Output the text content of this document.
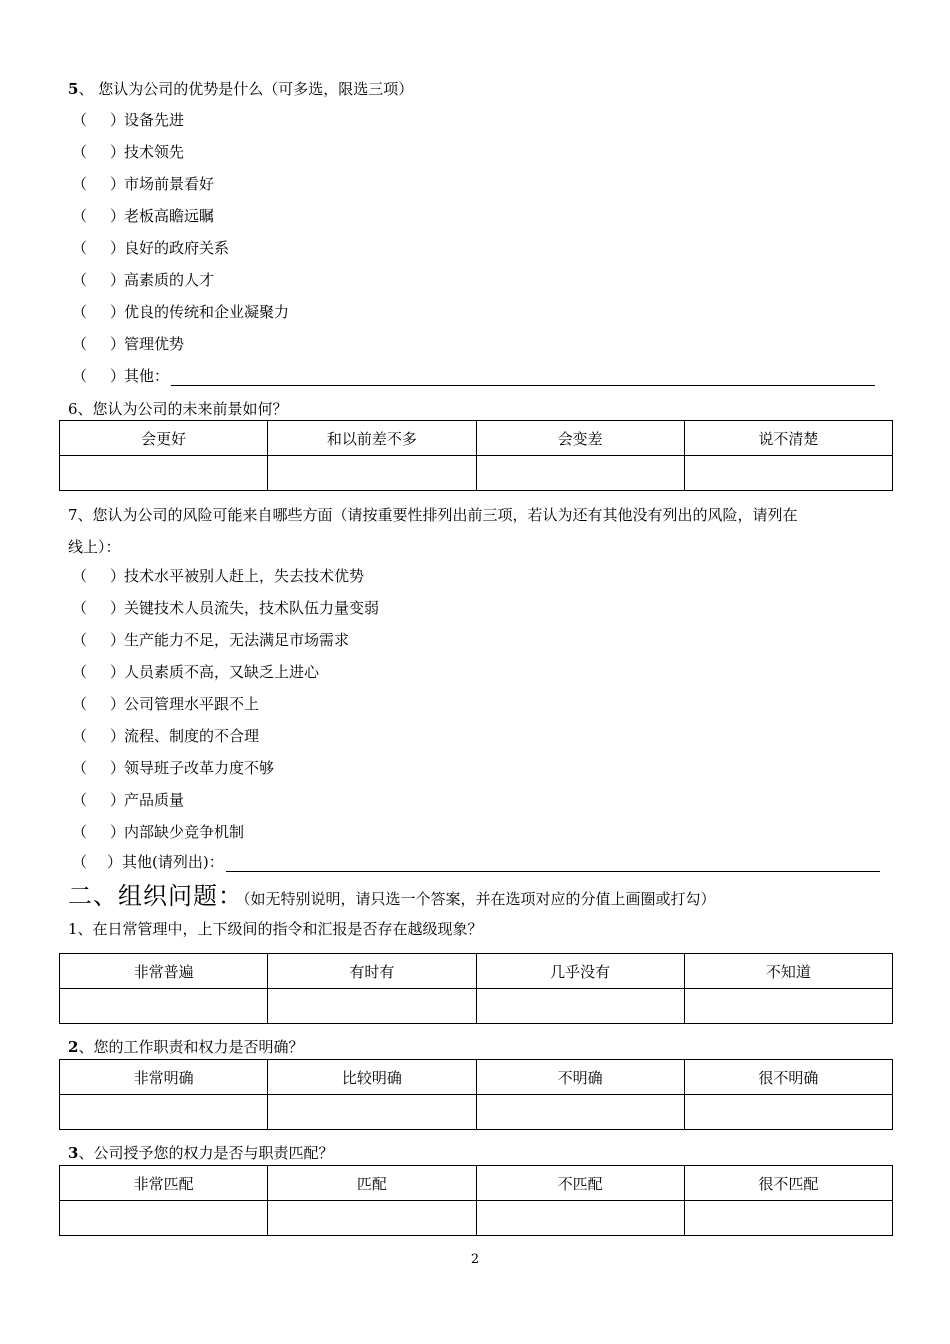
5、 您认为公司的优势是什么（可多选，限选三项）
（ ）设备先进
（ ）技术领先
（ ）市场前景看好
（ ）老板高瞻远瞩
（ ）良好的政府关系
（ ）高素质的人才
（ ）优良的传统和企业凝聚力
（ ）管理优势
（ ）其他：
6、您认为公司的未来前景如何？
会更好	和以前差不多	会变差	说不清楚

7、您认为公司的风险可能来自哪些方面（请按重要性排列出前三项，若认为还有其他没有列出的风险，请列在
线上）：
（ ）技术水平被别人赶上，失去技术优势
（ ）关键技术人员流失，技术队伍力量变弱
（ ）生产能力不足，无法满足市场需求
（ ）人员素质不高，又缺乏上进心
（ ）公司管理水平跟不上
（ ）流程、制度的不合理
（ ）领导班子改革力度不够
（ ）产品质量
（ ）内部缺少竞争机制
（ ）其他(请列出)：
二、组织问题：（如无特别说明，请只选一个答案，并在选项对应的分值上画圈或打勾）
1、在日常管理中，上下级间的指令和汇报是否存在越级现象？
非常普遍	有时有	几乎没有	不知道

2、您的工作职责和权力是否明确？
非常明确	比较明确	不明确	很不明确

3、公司授予您的权力是否与职责匹配？
非常匹配	匹配	不匹配	很不匹配

2
